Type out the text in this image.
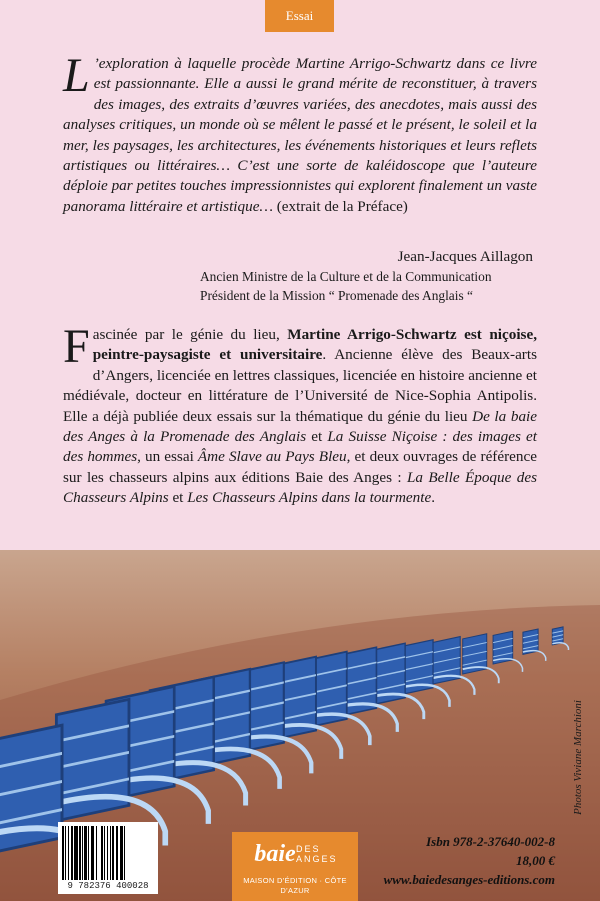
Essai
L ’exploration à laquelle procède Martine Arrigo-Schwartz dans ce livre est passionnante. Elle a aussi le grand mérite de reconstituer, à travers des images, des extraits d’œuvres variées, des anecdotes, mais aussi des analyses critiques, un monde où se mêlent le passé et le présent, le soleil et la mer, les paysages, les architectures, les événements historiques et leurs reflets artistiques ou littéraires… C’est une sorte de kaléidoscope que l’auteure déploie par petites touches impressionnistes qui explorent finalement un vaste panorama littéraire et artistique… (extrait de la Préface)
Jean-Jacques Aillagon
Ancien Ministre de la Culture et de la Communication
Président de la Mission “ Promenade des Anglais “
Fascinée par le génie du lieu, Martine Arrigo-Schwartz est niçoise, peintre-paysagiste et universitaire. Ancienne élève des Beaux-arts d’Angers, licenciée en lettres classiques, licenciée en histoire ancienne et médiévale, docteur en littérature de l’Université de Nice-Sophia Antipolis. Elle a déjà publiée deux essais sur la thématique du génie du lieu De la baie des Anges à la Promenade des Anglais et La Suisse Niçoise : des images et des hommes, un essai Âme Slave au Pays Bleu, et deux ouvrages de référence sur les chasseurs alpins aux éditions Baie des Anges : La Belle Époque des Chasseurs Alpins et Les Chasseurs Alpins dans la tourmente.
Photos Viviane Marchioni
9 782376 400028
baie DES
ANGES
MAISON D’ÉDITION · CÔTE D’AZUR
Isbn 978-2-37640-002-8
18,00 €
www.baiedesanges-editions.com
